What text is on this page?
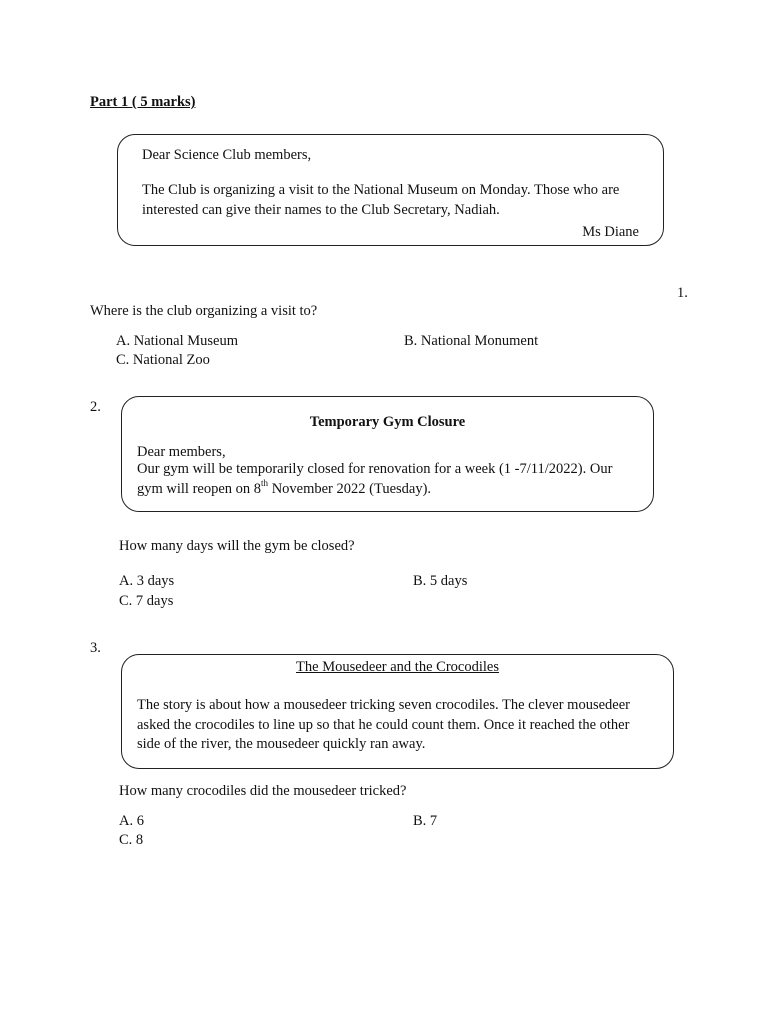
Part 1 ( 5 marks)
Dear Science Club members,
The Club is organizing a visit to the National Museum on Monday. Those who are
interested can give their names to the Club Secretary, Nadiah.
Ms Diane
1.
Where is the club organizing a visit to?
A. National Museum	B. National Monument
C. National Zoo
2.
Temporary Gym Closure
Dear members,
Our gym will be temporarily closed for renovation for a week (1 -7/11/2022). Our
gym will reopen on 8th November 2022 (Tuesday).
How many days will the gym be closed?
A. 3 days	B. 5 days
C. 7 days
3.
The Mousedeer and the Crocodiles
The story is about how a mousedeer tricking seven crocodiles. The clever mousedeer
asked the crocodiles to line up so that he could count them. Once it reached the other
side of the river, the mousedeer quickly ran away.
How many crocodiles did the mousedeer tricked?
A. 6	B. 7
C. 8
